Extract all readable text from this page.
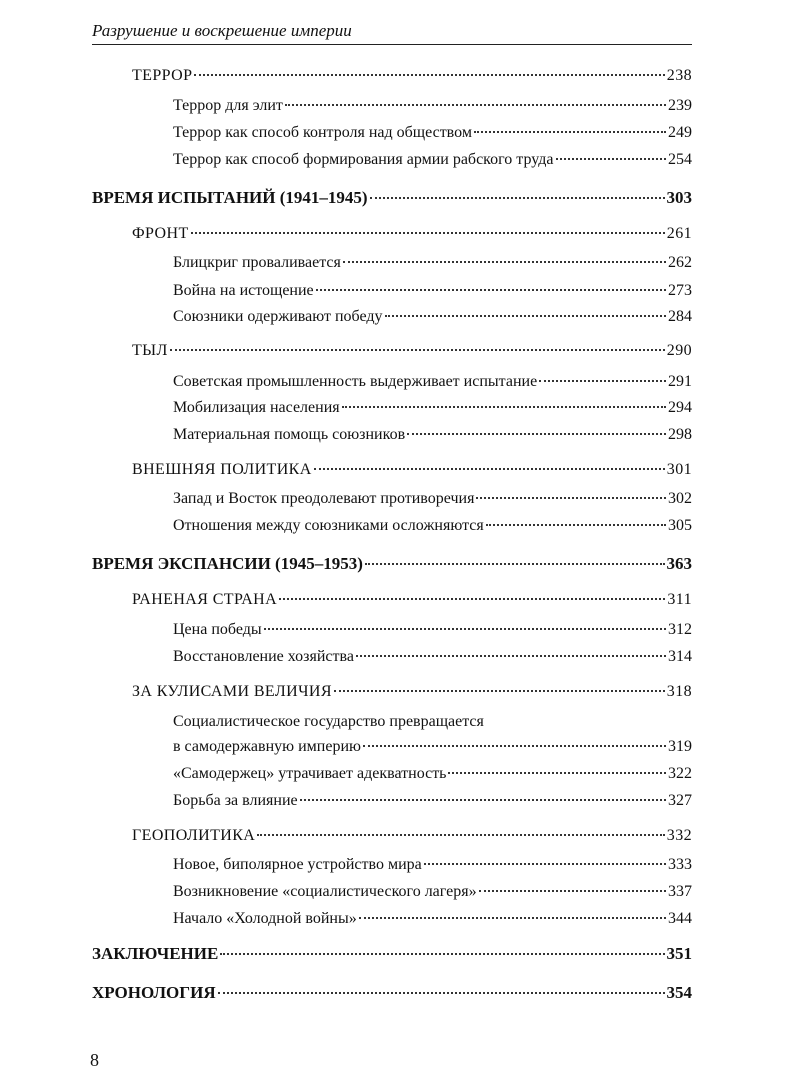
Разрушение и воскрешение империи
ТЕРРОР	238
Террор для элит	239
Террор как способ контроля над обществом	249
Террор как способ формирования армии рабского труда	254
ВРЕМЯ ИСПЫТАНИЙ (1941–1945)	303
ФРОНТ	261
Блицкриг проваливается	262
Война на истощение	273
Союзники одерживают победу	284
ТЫЛ	290
Советская промышленность выдерживает испытание	291
Мобилизация населения	294
Материальная помощь союзников	298
ВНЕШНЯЯ ПОЛИТИКА	301
Запад и Восток преодолевают противоречия	302
Отношения между союзниками осложняются	305
ВРЕМЯ ЭКСПАНСИИ (1945–1953)	363
РАНЕНАЯ СТРАНА	311
Цена победы	312
Восстановление хозяйства	314
ЗА КУЛИСАМИ ВЕЛИЧИЯ	318
Социалистическое государство превращается
в самодержавную империю	319
«Самодержец» утрачивает адекватность	322
Борьба за влияние	327
ГЕОПОЛИТИКА	332
Новое, биполярное устройство мира	333
Возникновение «социалистического лагеря»	337
Начало «Холодной войны»	344
ЗАКЛЮЧЕНИЕ	351
ХРОНОЛОГИЯ	354
8
